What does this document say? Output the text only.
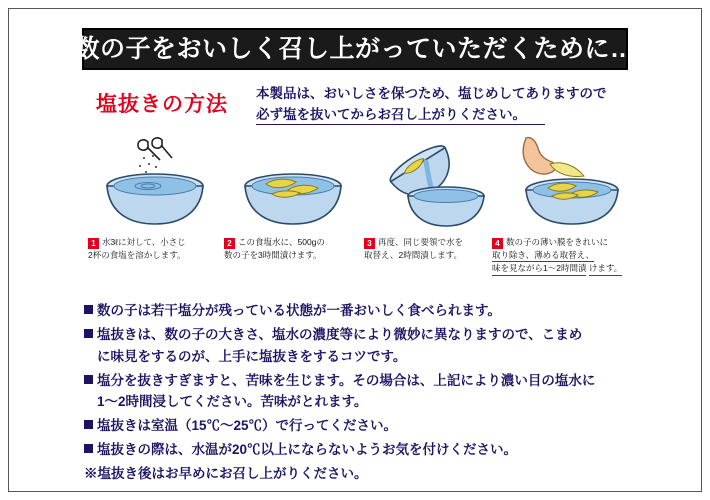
数の子をおいしく召し上がっていただくために…
塩抜きの方法 本製品は、おいしさを保つため、塩じめしてありますので
必ず塩を抜いてからお召し上がりください。
1 水3ℓに対して、小さじ
2杯の食塩を溶かします。
2 この食塩水に、500gの
数の子を3時間漬けます。
3 再度、同じ要領で水を
取替え、2時間漬します。
4 数の子の薄い膜をきれいに 取り除き、薄める取替え、 味を見ながら1〜2時間漬 けます。
数の子は若干塩分が残っている状態が一番おいしく食べられます。
塩抜きは、数の子の大きさ、塩水の濃度等により微妙に異なりますので、こまめ
に味見をするのが、上手に塩抜きをするコツです。
塩分を抜きすぎますと、苦味を生じます。その場合は、上記により濃い目の塩水に
1〜2時間浸してください。苦味がとれます。
塩抜きは室温（15℃〜25℃）で行ってください。
塩抜きの際は、水温が20℃以上にならないようお気を付けください。
※塩抜き後はお早めにお召し上がりください。
